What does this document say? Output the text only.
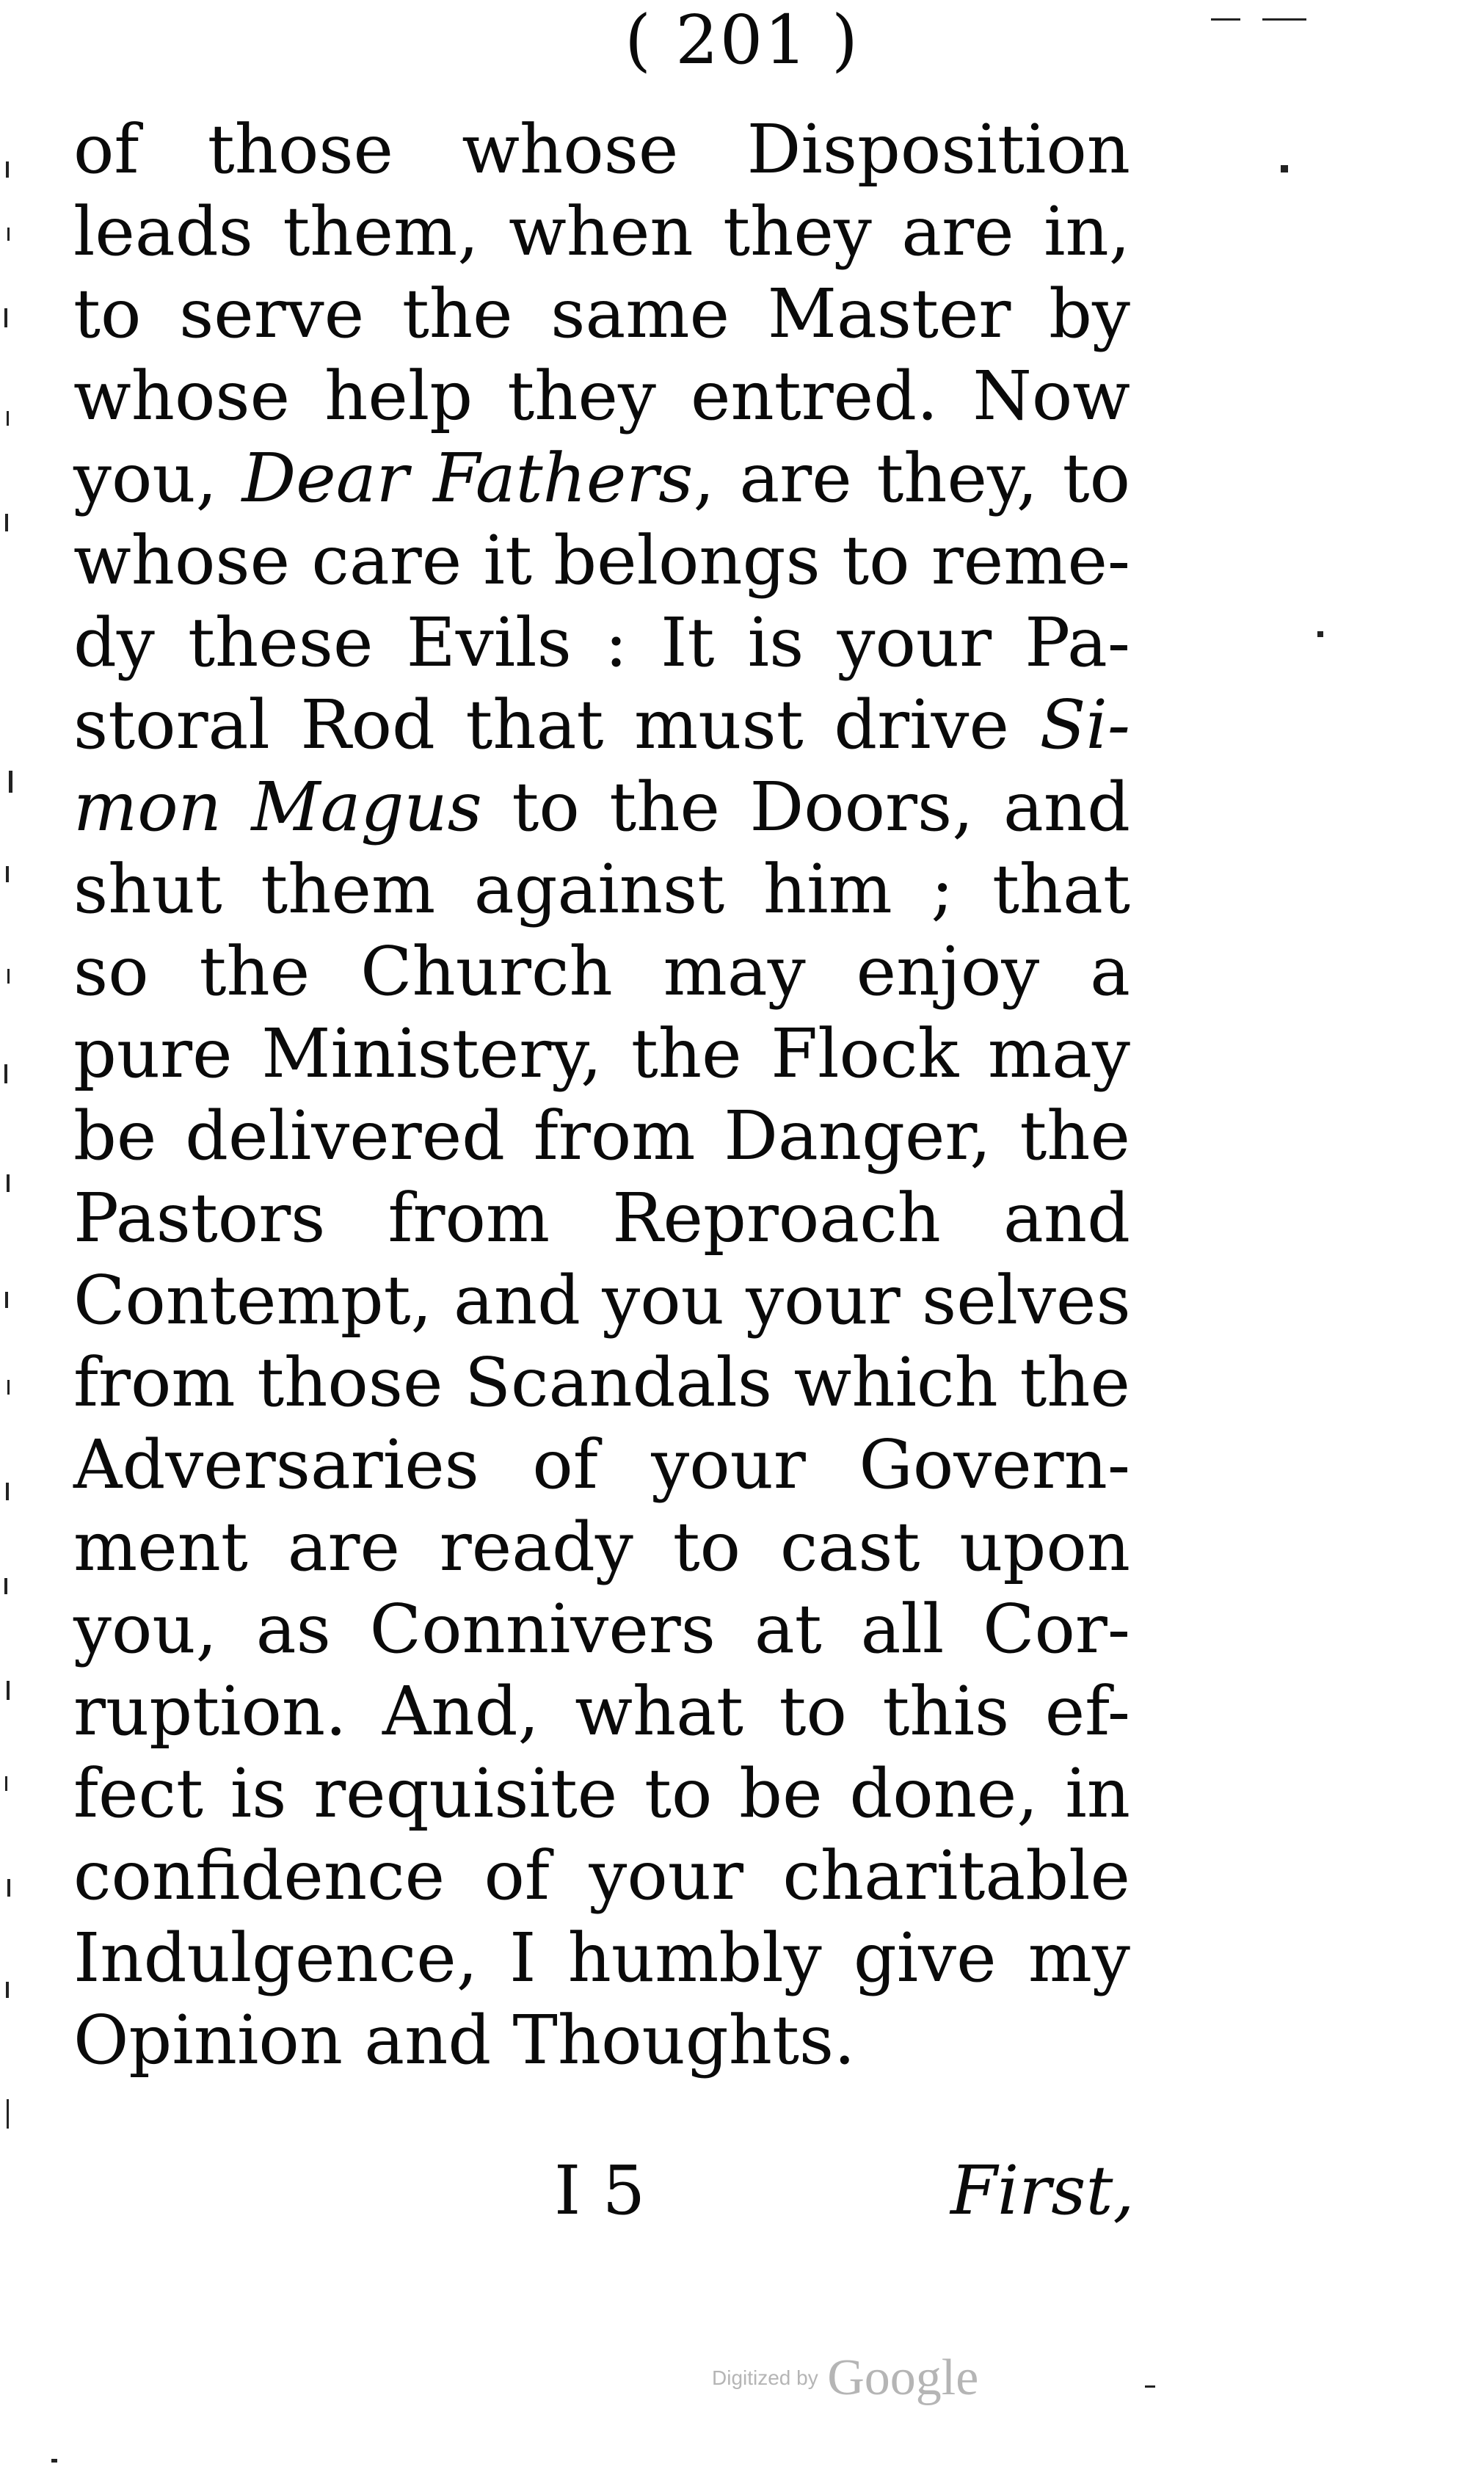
( 201 )
of those whose Disposition
leads them, when they are in,
to serve the same Master by
whose help they entred. Now
you, Dear Fathers, are they, to
whose care it belongs to reme-
dy these Evils : It is your Pa-
storal Rod that must drive Si-
mon Magus to the Doors, and
shut them against him ; that
so the Church may enjoy a
pure Ministery, the Flock may
be delivered from Danger, the
Pastors from Reproach and
Contempt, and you your selves
from those Scandals which the
Adversaries of your Govern-
ment are ready to cast upon
you, as Connivers at all Cor-
ruption. And, what to this ef-
fect is requisite to be done, in
confidence of your charitable
Indulgence, I humbly give my
Opinion and Thoughts.
I 5	First,
Digitized by Google
